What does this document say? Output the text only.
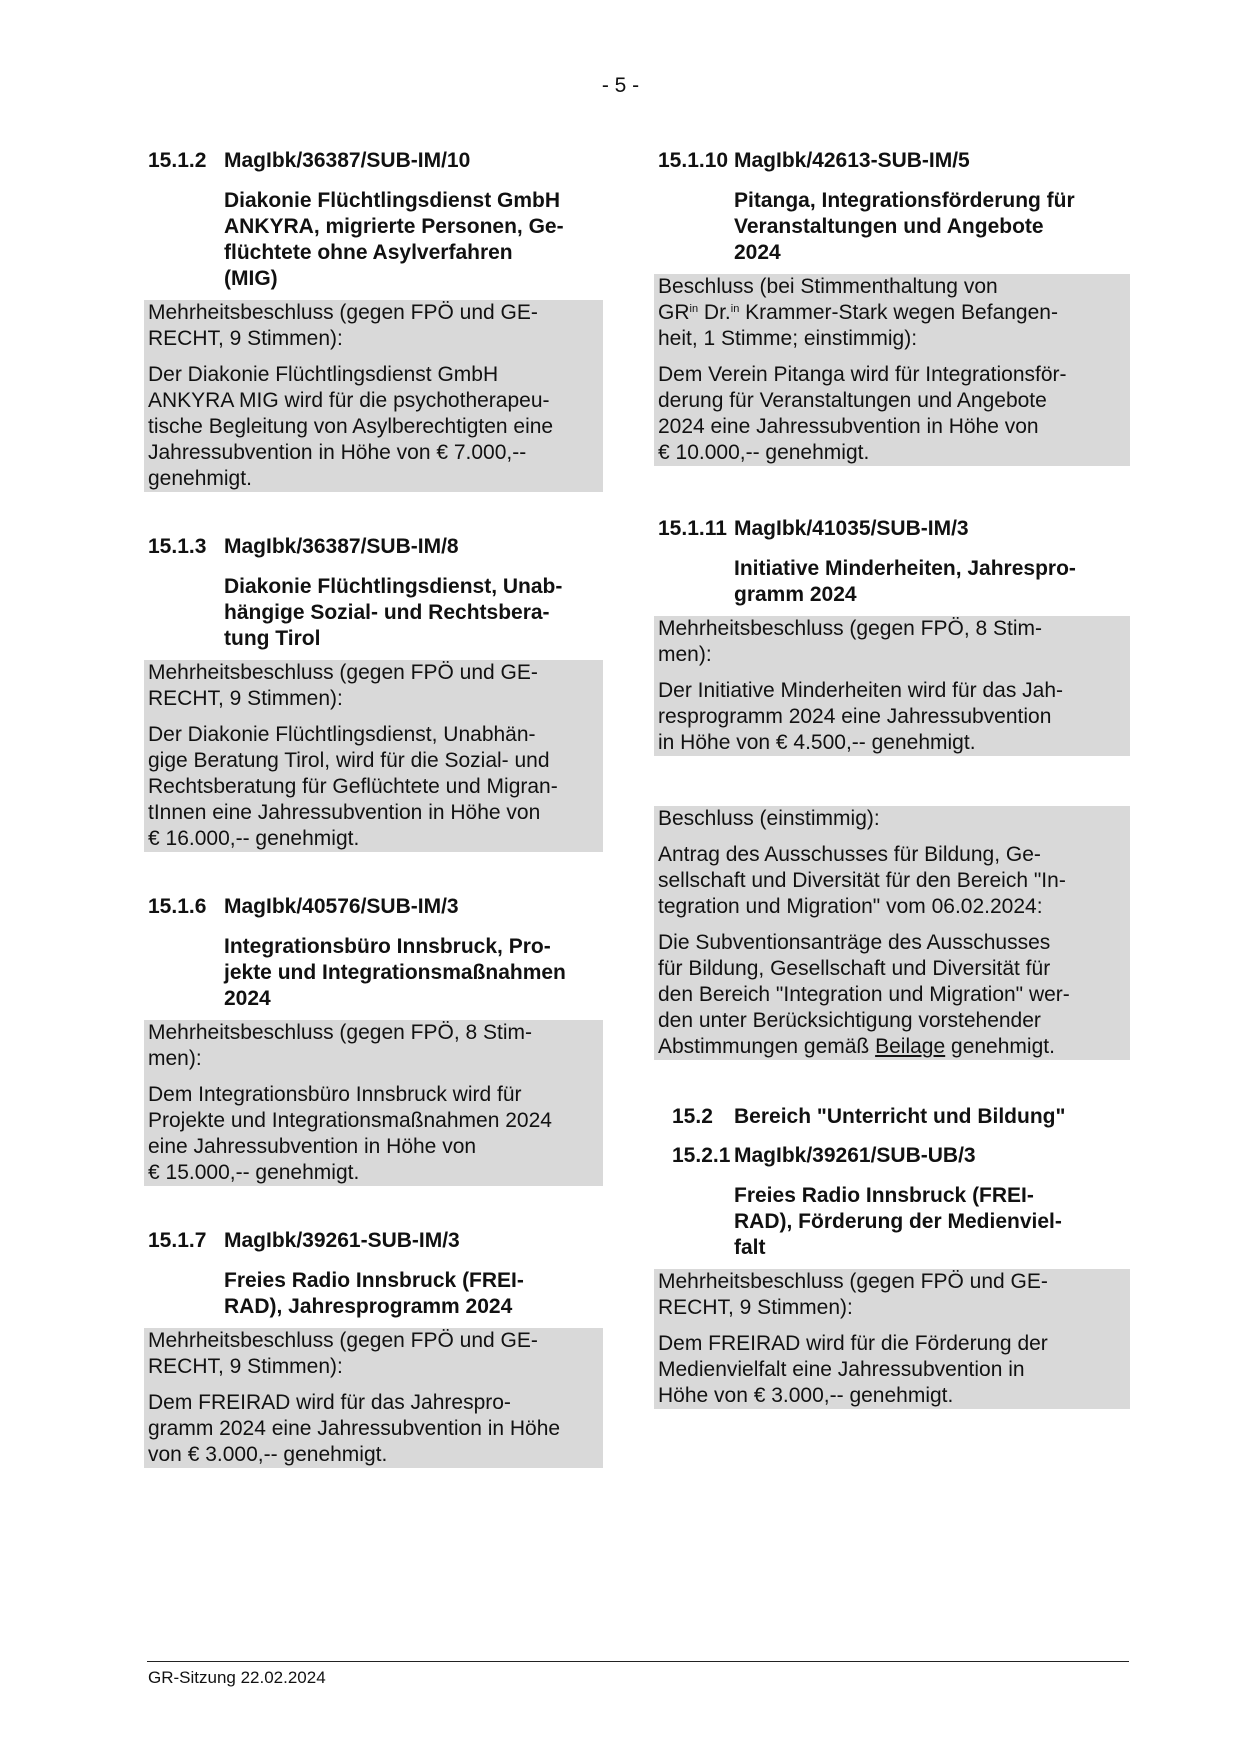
- 5 -
15.1.2 MagIbk/36387/SUB-IM/10
Diakonie Flüchtlingsdienst GmbH
ANKYRA, migrierte Personen, Ge-
flüchtete ohne Asylverfahren
(MIG)

Mehrheitsbeschluss (gegen FPÖ und GE-
RECHT, 9 Stimmen):

Der Diakonie Flüchtlingsdienst GmbH
ANKYRA MIG wird für die psychotherapeu-
tische Begleitung von Asylberechtigten eine
Jahressubvention in Höhe von € 7.000,--
genehmigt.

15.1.3 MagIbk/36387/SUB-IM/8
Diakonie Flüchtlingsdienst, Unab-
hängige Sozial- und Rechtsbera-
tung Tirol

Mehrheitsbeschluss (gegen FPÖ und GE-
RECHT, 9 Stimmen):

Der Diakonie Flüchtlingsdienst, Unabhän-
gige Beratung Tirol, wird für die Sozial- und
Rechtsberatung für Geflüchtete und Migran-
tInnen eine Jahressubvention in Höhe von
€ 16.000,-- genehmigt.

15.1.6 MagIbk/40576/SUB-IM/3
Integrationsbüro Innsbruck, Pro-
jekte und Integrationsmaßnahmen
2024

Mehrheitsbeschluss (gegen FPÖ, 8 Stim-
men):

Dem Integrationsbüro Innsbruck wird für
Projekte und Integrationsmaßnahmen 2024
eine Jahressubvention in Höhe von
€ 15.000,-- genehmigt.

15.1.7 MagIbk/39261-SUB-IM/3
Freies Radio Innsbruck (FREI-
RAD), Jahresprogramm 2024

Mehrheitsbeschluss (gegen FPÖ und GE-
RECHT, 9 Stimmen):

Dem FREIRAD wird für das Jahrespro-
gramm 2024 eine Jahressubvention in Höhe
von € 3.000,-- genehmigt.

15.1.10 MagIbk/42613-SUB-IM/5
Pitanga, Integrationsförderung für
Veranstaltungen und Angebote
2024

Beschluss (bei Stimmenthaltung von
$GR^{in}$ Dr.$^{in}$ Krammer-Stark wegen Befangen-
heit, 1 Stimme; einstimmig):

Dem Verein Pitanga wird für Integrationsför-
derung für Veranstaltungen und Angebote
2024 eine Jahressubvention in Höhe von
€ 10.000,-- genehmigt.

15.1.11 MagIbk/41035/SUB-IM/3
Initiative Minderheiten, Jahrespro-
gramm 2024

Mehrheitsbeschluss (gegen FPÖ, 8 Stim-
men):

Der Initiative Minderheiten wird für das Jah-
resprogramm 2024 eine Jahressubvention
in Höhe von € 4.500,-- genehmigt.

Beschluss (einstimmig):

Antrag des Ausschusses für Bildung, Ge-
sellschaft und Diversität für den Bereich "In-
tegration und Migration" vom 06.02.2024:

Die Subventionsanträge des Ausschusses
für Bildung, Gesellschaft und Diversität für
den Bereich "Integration und Migration" wer-
den unter Berücksichtigung vorstehender
Abstimmungen gemäß Beilage genehmigt.

15.2	Bereich "Unterricht und Bildung"
15.2.1 MagIbk/39261/SUB-UB/3
Freies Radio Innsbruck (FREI-
RAD), Förderung der Medienviel-
falt

Mehrheitsbeschluss (gegen FPÖ und GE-
RECHT, 9 Stimmen):

Dem FREIRAD wird für die Förderung der
Medienvielfalt eine Jahressubvention in
Höhe von € 3.000,-- genehmigt.

GR-Sitzung 22.02.2024
